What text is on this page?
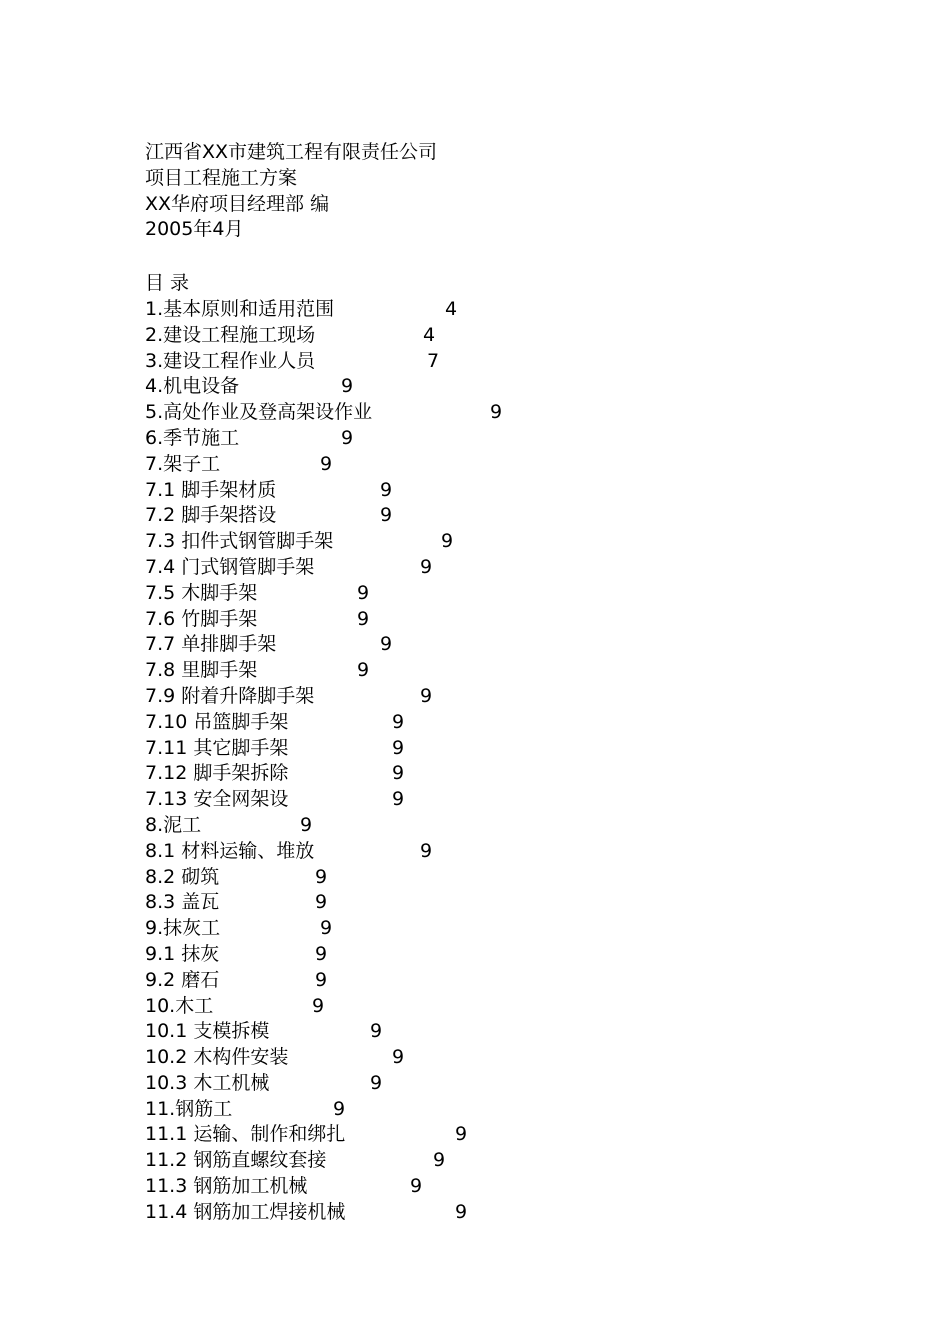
江西省XX市建筑工程有限责任公司
项目工程施工方案
XX华府项目经理部 编
2005年4月
目 录
1.基本原则和适用范围	4
2.建设工程施工现场	4
3.建设工程作业人员	7
4.机电设备	9
5.高处作业及登高架设作业	9
6.季节施工	9
7.架子工	9
7.1 脚手架材质	9
7.2 脚手架搭设	9
7.3 扣件式钢管脚手架	9
7.4 门式钢管脚手架	9
7.5 木脚手架	9
7.6 竹脚手架	9
7.7 单排脚手架	9
7.8 里脚手架	9
7.9 附着升降脚手架	9
7.10 吊篮脚手架	9
7.11 其它脚手架	9
7.12 脚手架拆除	9
7.13 安全网架设	9
8.泥工	9
8.1 材料运输、堆放	9
8.2 砌筑	9
8.3 盖瓦	9
9.抹灰工	9
9.1 抹灰	9
9.2 磨石	9
10.木工	9
10.1 支模拆模	9
10.2 木构件安装	9
10.3 木工机械	9
11.钢筋工	9
11.1 运输、制作和绑扎	9
11.2 钢筋直螺纹套接	9
11.3 钢筋加工机械	9
11.4 钢筋加工焊接机械	9
